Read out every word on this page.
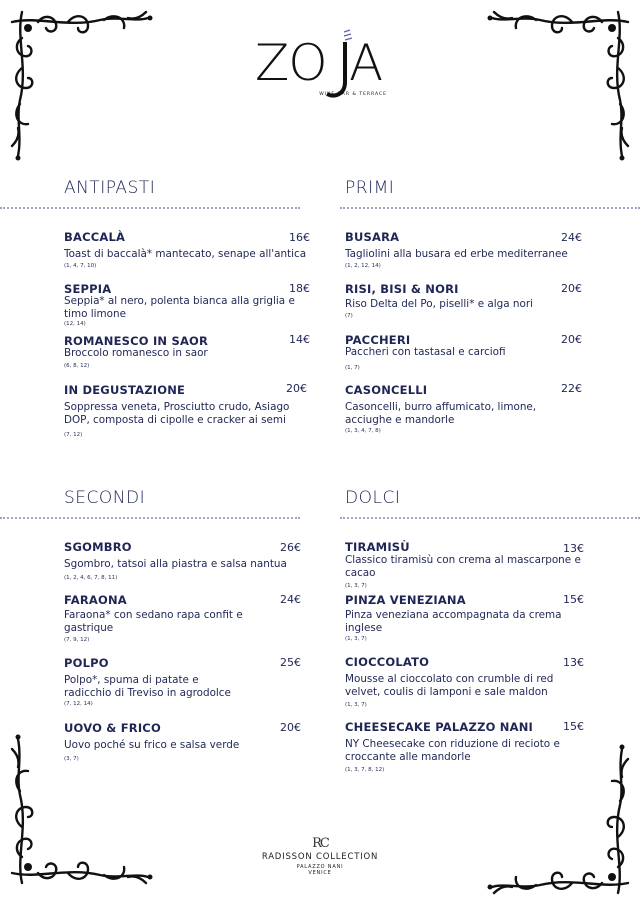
ZO A
WINE BAR & TERRACE
ANTIPASTI
BACCALÀ	16€
Toast di baccalà* mantecato, senape all'antica
(1, 4, 7, 10)
SEPPIA	18€
Seppia* al nero, polenta bianca alla griglia e timo limone
(12, 14)
ROMANESCO IN SAOR	14€
Broccolo romanesco in saor
(6, 8, 12)
IN DEGUSTAZIONE	20€
Soppressa veneta, Prosciutto crudo, Asiago DOP, composta di cipolle e cracker ai semi
(7, 12)
PRIMI
BUSARA	24€
Tagliolini alla busara ed erbe mediterranee
(1, 2, 12, 14)
RISI, BISI & NORI	20€
Riso Delta del Po, piselli* e alga nori
(7)
PACCHERI	20€
Paccheri con tastasal e carciofi
(1, 7)
CASONCELLI	22€
Casoncelli, burro affumicato, limone, acciughe e mandorle
(1, 3, 4, 7, 8)
SECONDI
SGOMBRO	26€
Sgombro, tatsoi alla piastra e salsa nantua
(1, 2, 4, 6, 7, 8, 11)
FARAONA	24€
Faraona* con sedano rapa confit e gastrique
(7, 9, 12)
POLPO	25€
Polpo*, spuma di patate e radicchio di Treviso in agrodolce
(7, 12, 14)
UOVO & FRICO	20€
Uovo poché su frico e salsa verde
(3, 7)
DOLCI
TIRAMISÙ	13€
Classico tiramisù con crema al mascarpone e cacao
(1, 3, 7)
PINZA VENEZIANA	15€
Pinza veneziana accompagnata da crema inglese
(1, 3, 7)
CIOCCOLATO	13€
Mousse al cioccolato con crumble di red velvet, coulis di lamponi e sale maldon
(1, 3, 7)
CHEESECAKE PALAZZO NANI	15€
NY Cheesecake con riduzione di recioto e croccante alle mandorle
(1, 3, 7, 8, 12)
RC
RADISSON COLLECTION
PALAZZO NANI
VENICE
